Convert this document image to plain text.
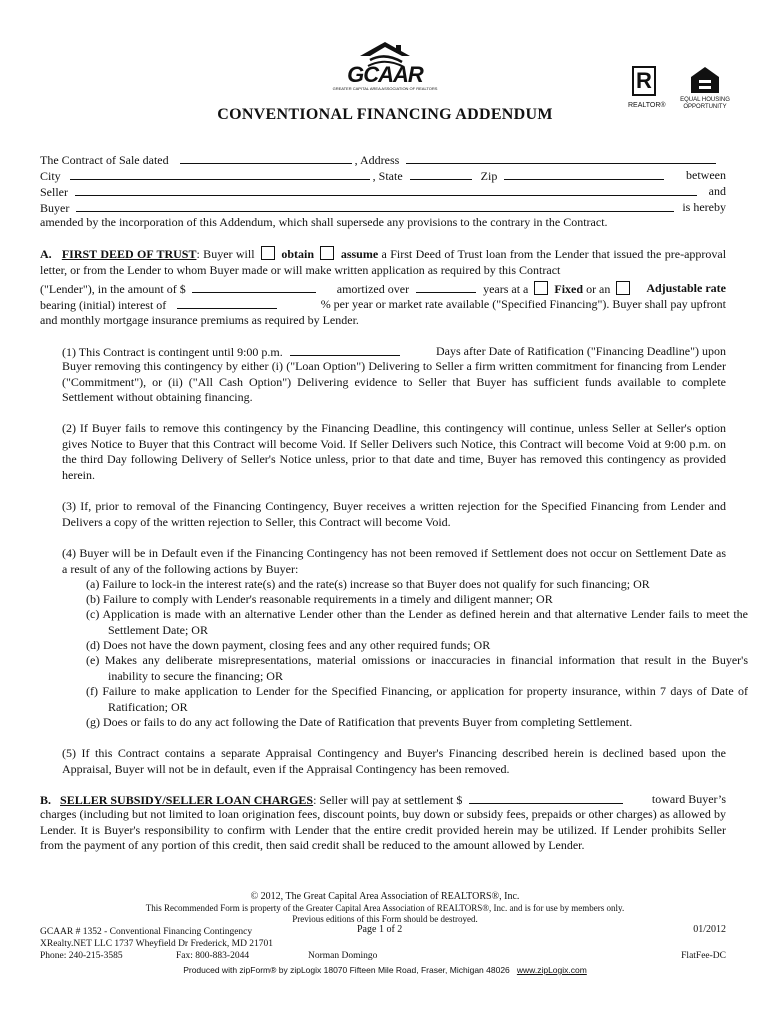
GCAAR
GREATER CAPITAL AREA ASSOCIATION OF REALTORS	R
REALTOR®
EQUAL HOUSING OPPORTUNITY
CONVENTIONAL FINANCING ADDENDUM
The Contract of Sale dated	, Address
City	, State	Zip	between
Seller	and
Buyer	is hereby
amended by the incorporation of this Addendum, which shall supersede any provisions to the contrary in the Contract.
A. FIRST DEED OF TRUST: Buyer will obtain assume a First Deed of Trust loan from the Lender that issued the pre-approval letter, or from the Lender to whom Buyer made or will make written application as required by this Contract
("Lender"), in the amount of $	amortized over	years at a Fixed or an	Adjustable rate
bearing (initial) interest of	% per year or market rate available ("Specified Financing"). Buyer shall pay upfront
and monthly mortgage insurance premiums as required by Lender.
(1) This Contract is contingent until 9:00 p.m.	Days after Date of Ratification ("Financing Deadline") upon
Buyer removing this contingency by either (i) ("Loan Option") Delivering to Seller a firm written commitment for financing from Lender ("Commitment"), or (ii) ("All Cash Option") Delivering evidence to Seller that Buyer has sufficient funds available to complete Settlement without obtaining financing.
(2) If Buyer fails to remove this contingency by the Financing Deadline, this contingency will continue, unless Seller at Seller's option gives Notice to Buyer that this Contract will become Void. If Seller Delivers such Notice, this Contract will become Void at 9:00 p.m. on the third Day following Delivery of Seller's Notice unless, prior to that date and time, Buyer has removed this contingency as provided herein.
(3) If, prior to removal of the Financing Contingency, Buyer receives a written rejection for the Specified Financing from Lender and Delivers a copy of the written rejection to Seller, this Contract will become Void.
(4) Buyer will be in Default even if the Financing Contingency has not been removed if Settlement does not occur on Settlement Date as a result of any of the following actions by Buyer:
(a) Failure to lock-in the interest rate(s) and the rate(s) increase so that Buyer does not qualify for such financing; OR
(b) Failure to comply with Lender's reasonable requirements in a timely and diligent manner; OR
(c) Application is made with an alternative Lender other than the Lender as defined herein and that alternative Lender fails to meet the Settlement Date; OR
(d) Does not have the down payment, closing fees and any other required funds; OR
(e) Makes any deliberate misrepresentations, material omissions or inaccuracies in financial information that result in the Buyer's inability to secure the financing; OR
(f) Failure to make application to Lender for the Specified Financing, or application for property insurance, within 7 days of Date of Ratification; OR
(g) Does or fails to do any act following the Date of Ratification that prevents Buyer from completing Settlement.
(5) If this Contract contains a separate Appraisal Contingency and Buyer's Financing described herein is declined based upon the Appraisal, Buyer will not be in default, even if the Appraisal Contingency has been removed.
B. SELLER SUBSIDY/SELLER LOAN CHARGES: Seller will pay at settlement $	toward Buyer’s
charges (including but not limited to loan origination fees, discount points, buy down or subsidy fees, prepaids or other charges) as allowed by Lender. It is Buyer's responsibility to confirm with Lender that the entire credit provided herein may be utilized. If Lender prohibits Seller from the payment of any portion of this credit, then said credit shall be reduced to the amount allowed by Lender.
© 2012, The Great Capital Area Association of REALTORS®, Inc.
This Recommended Form is property of the Greater Capital Area Association of REALTORS®, Inc. and is for use by members only.
Previous editions of this Form should be destroyed.
GCAAR # 1352 - Conventional Financing Contingency	Page 1 of 2	01/2012
XRealty.NET LLC 1737 Wheyfield Dr Frederick, MD 21701
Phone: 240-215-3585	Fax: 800-883-2044	Norman Domingo	FlatFee-DC
Produced with zipForm® by zipLogix 18070 Fifteen Mile Road, Fraser, Michigan 48026 www.zipLogix.com
